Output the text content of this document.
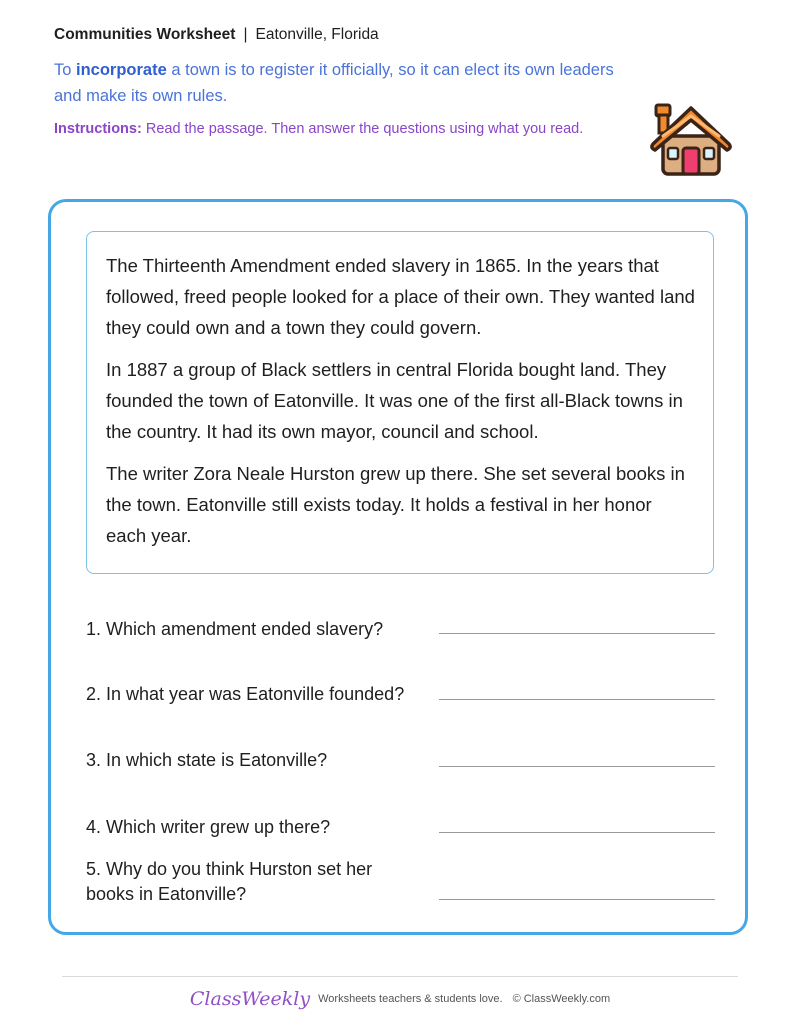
Communities Worksheet | Eatonville, Florida
To incorporate a town is to register it officially, so it can elect its own leaders and make its own rules.
Instructions: Read the passage. Then answer the questions using what you read.

The Thirteenth Amendment ended slavery in 1865. In the years that followed, freed people looked for a place of their own. They wanted land they could own and a town they could govern.

In 1887 a group of Black settlers in central Florida bought land. They founded the town of Eatonville. It was one of the first all-Black towns in the country. It had its own mayor, council and school.

The writer Zora Neale Hurston grew up there. She set several books in the town. Eatonville still exists today. It holds a festival in her honor each year.

1. Which amendment ended slavery?
2. In what year was Eatonville founded?
3. In which state is Eatonville?
4. Which writer grew up there?
5. Why do you think Hurston set her books in Eatonville?
ClassWeekly Worksheets teachers & students love. © ClassWeekly.com
